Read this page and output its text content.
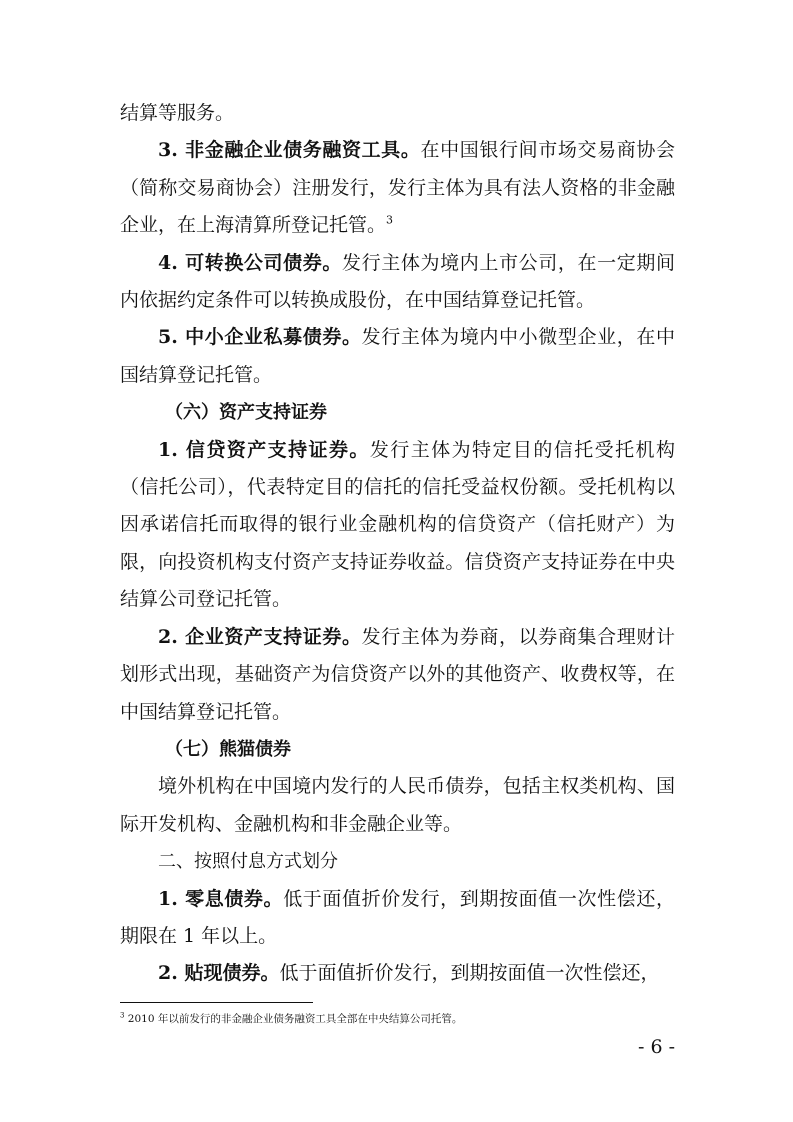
结算等服务。

3. 非金融企业债务融资工具。在中国银行间市场交易商协会（简称交易商协会）注册发行，发行主体为具有法人资格的非金融企业，在上海清算所登记托管。$^3$

4. 可转换公司债券。发行主体为境内上市公司，在一定期间内依据约定条件可以转换成股份，在中国结算登记托管。

5. 中小企业私募债券。发行主体为境内中小微型企业，在中国结算登记托管。

（六）资产支持证券

1. 信贷资产支持证券。发行主体为特定目的信托受托机构（信托公司），代表特定目的信托的信托受益权份额。受托机构以因承诺信托而取得的银行业金融机构的信贷资产（信托财产）为限，向投资机构支付资产支持证券收益。信贷资产支持证券在中央结算公司登记托管。

2. 企业资产支持证券。发行主体为券商，以券商集合理财计划形式出现，基础资产为信贷资产以外的其他资产、收费权等，在中国结算登记托管。

（七）熊猫债券

境外机构在中国境内发行的人民币债券，包括主权类机构、国际开发机构、金融机构和非金融企业等。

二、按照付息方式划分

1. 零息债券。低于面值折价发行，到期按面值一次性偿还，期限在 1 年以上。

2. 贴现债券。低于面值折价发行，到期按面值一次性偿还，

$^3$ 2010 年以前发行的非金融企业债务融资工具全部在中央结算公司托管。
- 6 -
